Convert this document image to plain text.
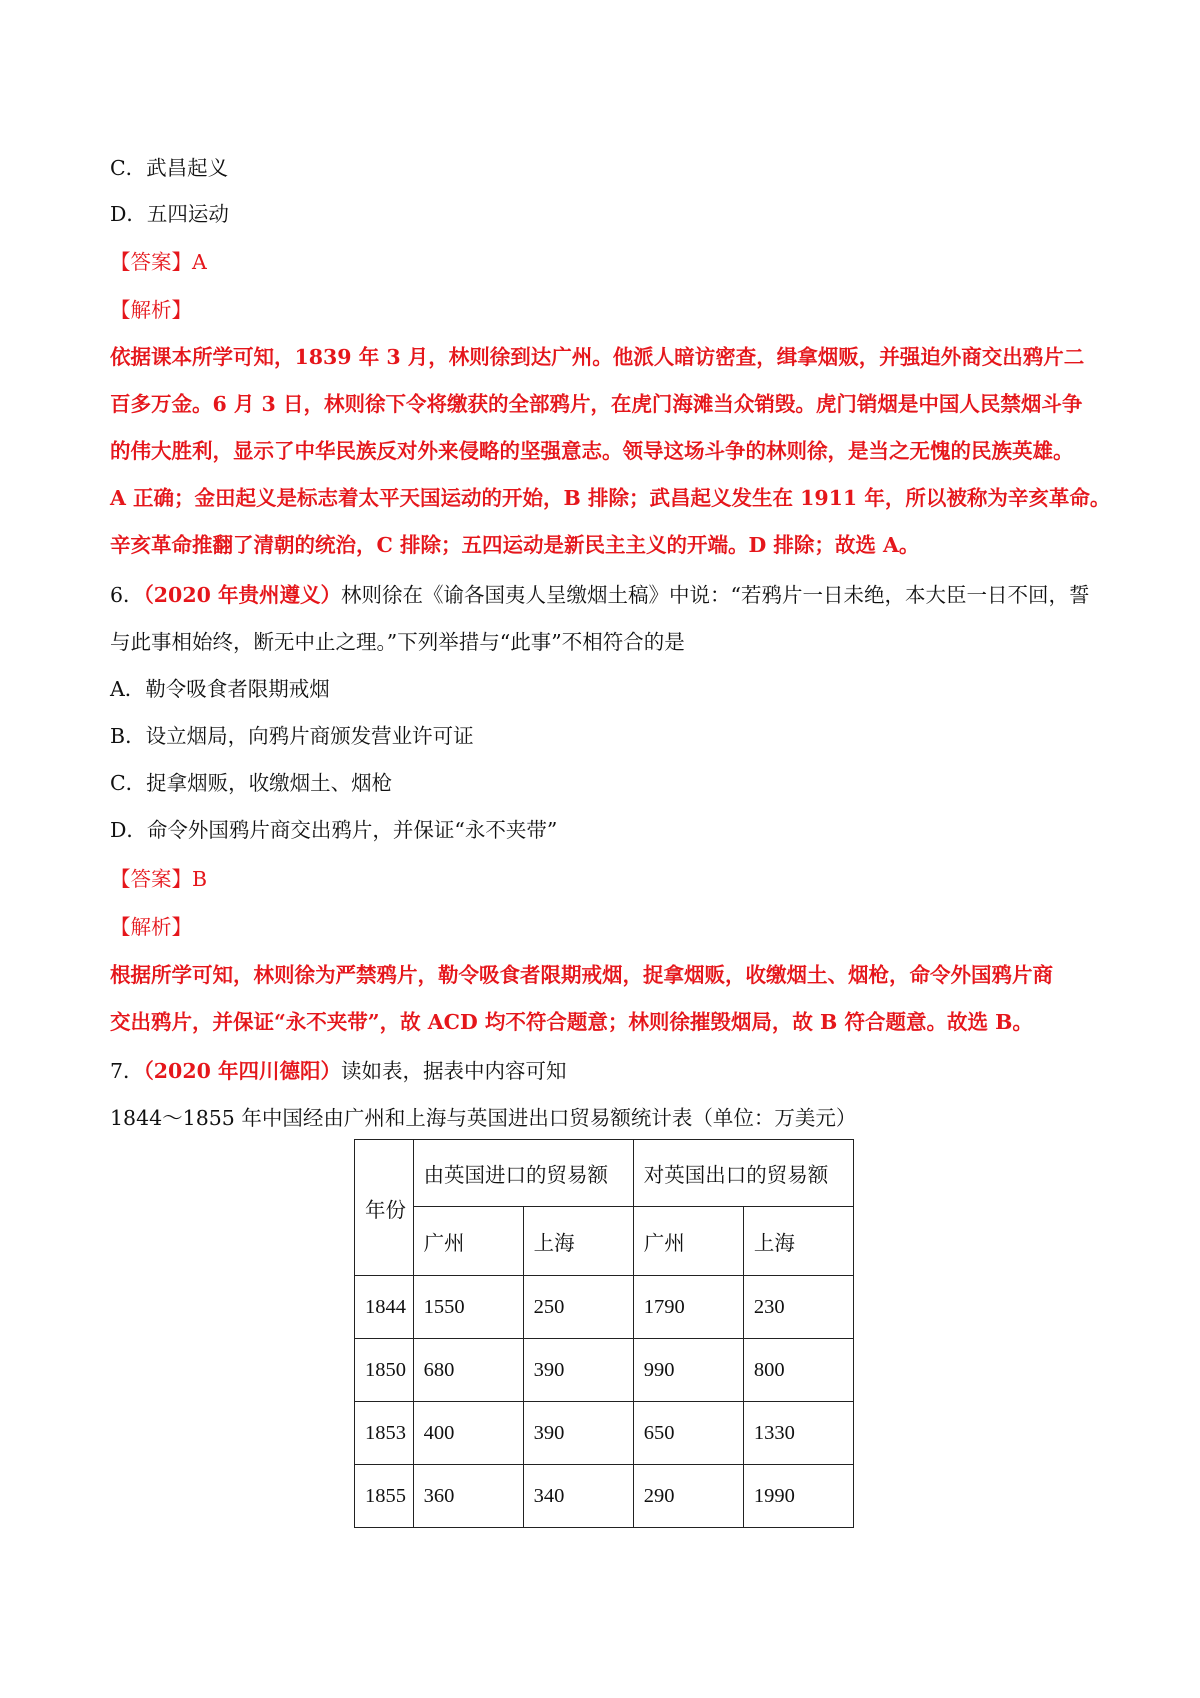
C．武昌起义
D．五四运动
【答案】A
【解析】
依据课本所学可知，1839 年 3 月，林则徐到达广州。他派人暗访密查，缉拿烟贩，并强迫外商交出鸦片二
百多万金。6 月 3 日，林则徐下令将缴获的全部鸦片，在虎门海滩当众销毁。虎门销烟是中国人民禁烟斗争
的伟大胜利，显示了中华民族反对外来侵略的坚强意志。领导这场斗争的林则徐，是当之无愧的民族英雄。
A 正确；金田起义是标志着太平天国运动的开始，B 排除；武昌起义发生在 1911 年，所以被称为辛亥革命。
辛亥革命推翻了清朝的统治，C 排除；五四运动是新民主主义的开端。D 排除；故选 A。
6．（2020 年贵州遵义）林则徐在《谕各国夷人呈缴烟土稿》中说：“若鸦片一日未绝，本大臣一日不回，誓
与此事相始终，断无中止之理。”下列举措与“此事”不相符合的是
A．勒令吸食者限期戒烟
B．设立烟局，向鸦片商颁发营业许可证
C．捉拿烟贩，收缴烟土、烟枪
D．命令外国鸦片商交出鸦片，并保证“永不夹带”
【答案】B
【解析】
根据所学可知，林则徐为严禁鸦片，勒令吸食者限期戒烟，捉拿烟贩，收缴烟土、烟枪，命令外国鸦片商
交出鸦片，并保证“永不夹带”，故 ACD 均不符合题意；林则徐摧毁烟局，故 B 符合题意。故选 B。
7．（2020 年四川德阳）读如表，据表中内容可知
1844～1855 年中国经由广州和上海与英国进出口贸易额统计表（单位：万美元）
年份	由英国进口的贸易额		对英国出口的贸易额	
	广州	上海	广州	上海
1844	1550	250	1790	230
1850	680	390	990	800
1853	400	390	650	1330
1855	360	340	290	1990
